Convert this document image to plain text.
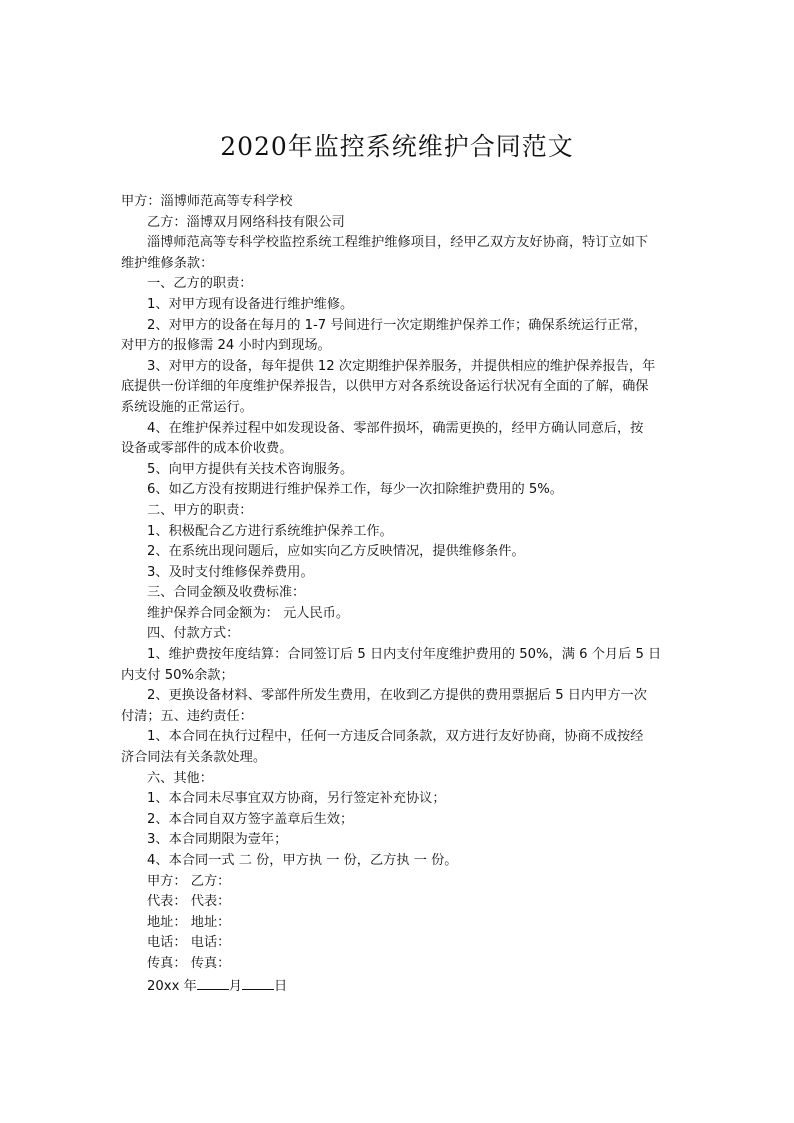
2020年监控系统维护合同范文

甲方：淄博师范高等专科学校

乙方：淄博双月网络科技有限公司

淄博师范高等专科学校监控系统工程维护维修项目，经甲乙双方友好协商，特订立如下

维护维修条款：

一、乙方的职责：

1、对甲方现有设备进行维护维修。

2、对甲方的设备在每月的 1-7 号间进行一次定期维护保养工作；确保系统运行正常，

对甲方的报修需 24 小时内到现场。

3、对甲方的设备，每年提供 12 次定期维护保养服务，并提供相应的维护保养报告，年

底提供一份详细的年度维护保养报告，以供甲方对各系统设备运行状况有全面的了解，确保

系统设施的正常运行。

4、在维护保养过程中如发现设备、零部件损坏，确需更换的，经甲方确认同意后，按

设备或零部件的成本价收费。

5、向甲方提供有关技术咨询服务。

6、如乙方没有按期进行维护保养工作，每少一次扣除维护费用的 5%。

二、甲方的职责：

1、积极配合乙方进行系统维护保养工作。

2、在系统出现问题后，应如实向乙方反映情况，提供维修条件。

3、及时支付维修保养费用。

三、合同金额及收费标准：

维护保养合同金额为： 元人民币。

四、付款方式：

1、维护费按年度结算：合同签订后 5 日内支付年度维护费用的 50%，满 6 个月后 5 日

内支付 50%余款；

2、更换设备材料、零部件所发生费用，在收到乙方提供的费用票据后 5 日内甲方一次

付清；五、违约责任：

1、本合同在执行过程中，任何一方违反合同条款，双方进行友好协商，协商不成按经

济合同法有关条款处理。

六、其他：

1、本合同未尽事宜双方协商，另行签定补充协议；

2、本合同自双方签字盖章后生效；

3、本合同期限为壹年；

4、本合同一式 二 份，甲方执 一 份，乙方执 一 份。

甲方： 乙方：

代表： 代表：

地址： 地址：

电话： 电话：

传真： 传真：

20xx 年 月 日
